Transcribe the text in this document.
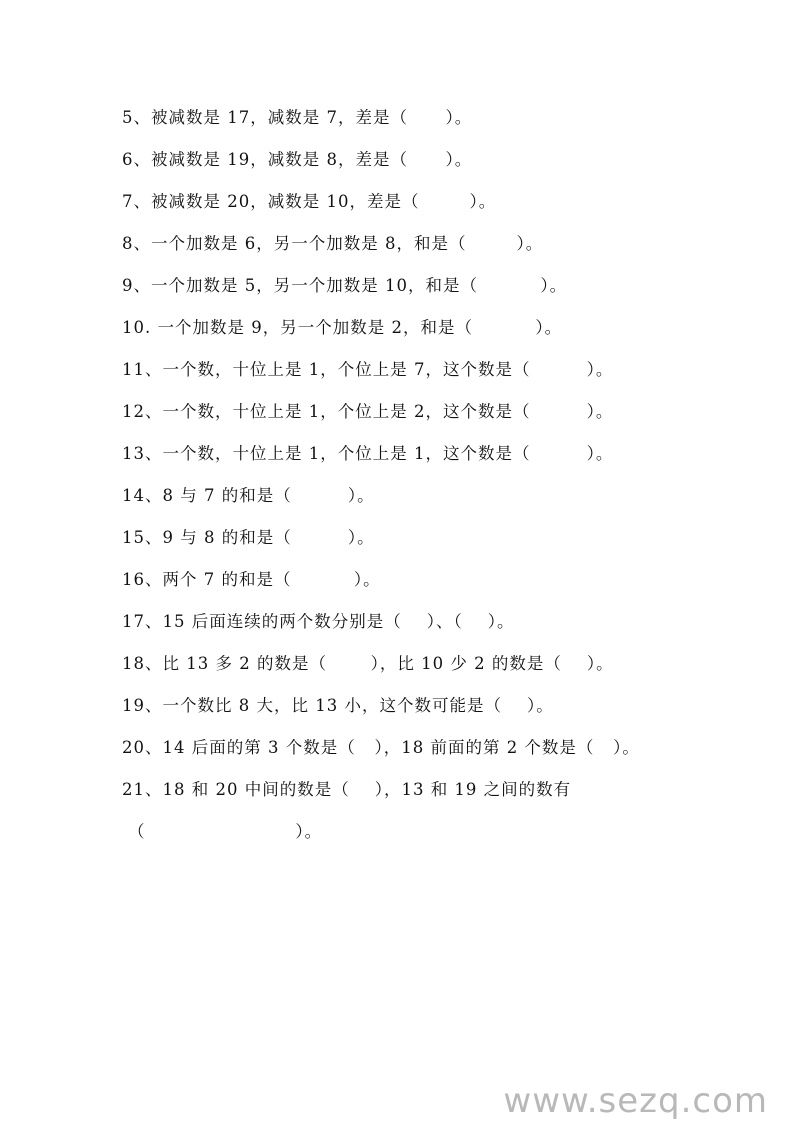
5、被减数是 17，减数是 7，差是（      ）。
6、被减数是 19，减数是 8，差是（      ）。
7、被减数是 20，减数是 10，差是（        ）。
8、一个加数是 6，另一个加数是 8，和是（        ）。
9、一个加数是 5，另一个加数是 10，和是（          ）。
10. 一个加数是 9，另一个加数是 2，和是（          ）。
11、一个数，十位上是 1，个位上是 7，这个数是（         ）。
12、一个数，十位上是 1，个位上是 2，这个数是（         ）。
13、一个数，十位上是 1，个位上是 1，这个数是（         ）。
14、8 与 7 的和是（         ）。
15、9 与 8 的和是（         ）。
16、两个 7 的和是（          ）。
17、15 后面连续的两个数分别是（    ）、（    ）。
18、比 13 多 2 的数是（       ），比 10 少 2 的数是（    ）。
19、一个数比 8 大，比 13 小，这个数可能是（    ）。
20、14 后面的第 3 个数是（   ），18 前面的第 2 个数是（   ）。
21、18 和 20 中间的数是（    ），13 和 19 之间的数有
（                        ）。
www.sezq.com
